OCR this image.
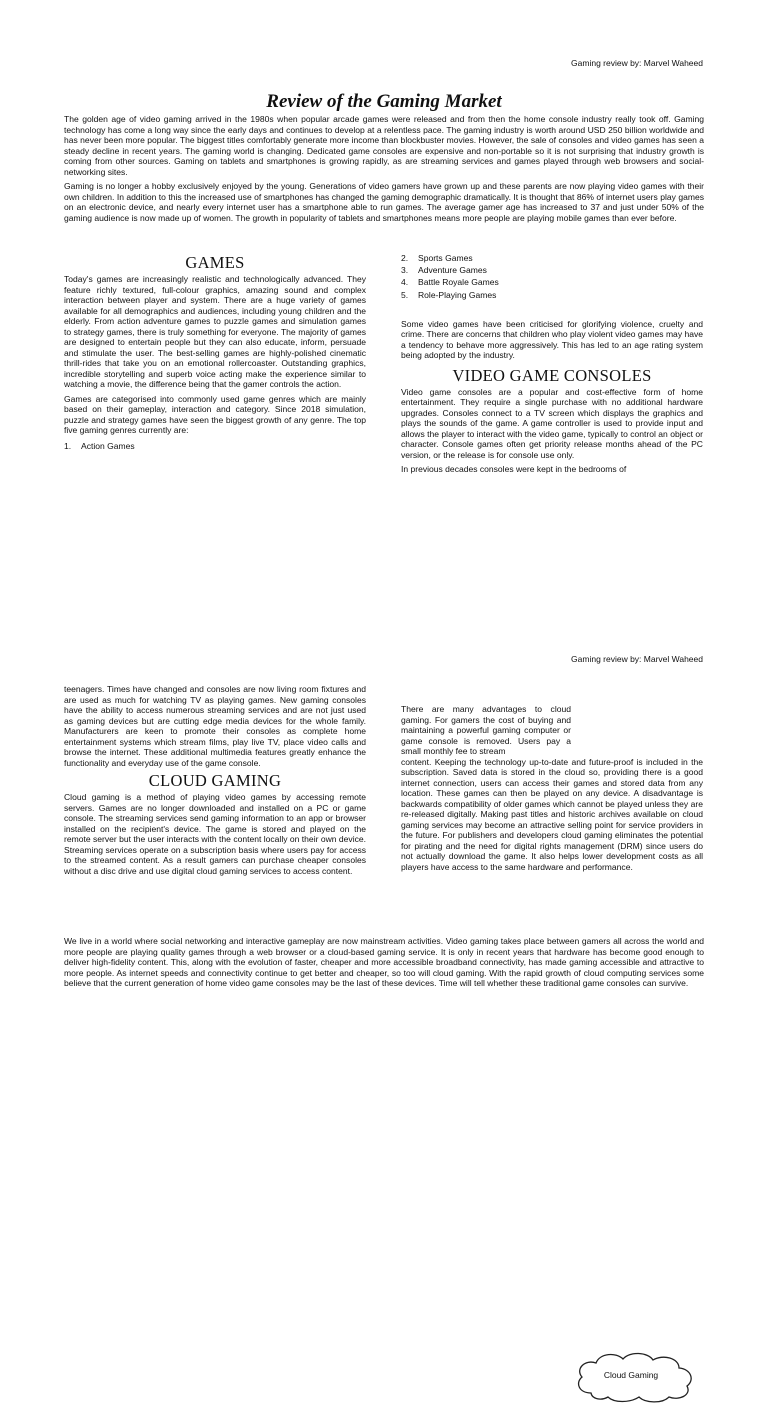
Gaming review by: Marvel Waheed
Review of the Gaming Market

The golden age of video gaming arrived in the 1980s when popular arcade games were released and from then the home console industry really took off. Gaming technology has come a long way since the early days and continues to develop at a relentless pace. The gaming industry is worth around USD 250 billion worldwide and has never been more popular. The biggest titles comfortably generate more income than blockbuster movies. However, the sale of consoles and video games has seen a steady decline in recent years. The gaming world is changing. Dedicated game consoles are expensive and non-portable so it is not surprising that industry growth is coming from other sources. Gaming on tablets and smartphones is growing rapidly, as are streaming services and games played through web browsers and social-networking sites.

Gaming is no longer a hobby exclusively enjoyed by the young. Generations of video gamers have grown up and these parents are now playing video games with their own children. In addition to this the increased use of smartphones has changed the gaming demographic dramatically. It is thought that 86% of internet users play games on an electronic device, and nearly every internet user has a smartphone able to run games. The average gamer age has increased to 37 and just under 50% of the gaming audience is now made up of women. The growth in popularity of tablets and smartphones means more people are playing mobile games than ever before.

GAMES

Today's games are increasingly realistic and technologically advanced. They feature richly textured, full-colour graphics, amazing sound and complex interaction between player and system. There are a huge variety of games available for all demographics and audiences, including young children and the elderly. From action adventure games to puzzle games and simulation games to strategy games, there is truly something for everyone. The majority of games are designed to entertain people but they can also educate, inform, persuade and stimulate the user. The best-selling games are highly-polished cinematic thrill-rides that take you on an emotional rollercoaster. Outstanding graphics, incredible storytelling and superb voice acting make the experience similar to watching a movie, the difference being that the gamer controls the action.

Games are categorised into commonly used game genres which are mainly based on their gameplay, interaction and category. Since 2018 simulation, puzzle and strategy games have seen the biggest growth of any genre. The top five gaming genres currently are:

1.	Action Games
2.	Sports Games
3.	Adventure Games
4.	Battle Royale Games
5.	Role-Playing Games

Some video games have been criticised for glorifying violence, cruelty and crime. There are concerns that children who play violent video games may have a tendency to behave more aggressively. This has led to an age rating system being adopted by the industry.

VIDEO GAME CONSOLES

Video game consoles are a popular and cost-effective form of home entertainment. They require a single purchase with no additional hardware upgrades. Consoles connect to a TV screen which displays the graphics and plays the sounds of the game. A game controller is used to provide input and allows the player to interact with the video game, typically to control an object or character. Console games often get priority release months ahead of the PC version, or the release is for console use only.

In previous decades consoles were kept in the bedrooms of

Gaming review by: Marvel Waheed

teenagers. Times have changed and consoles are now living room fixtures and are used as much for watching TV as playing games. New gaming consoles have the ability to access numerous streaming services and are not just used as gaming devices but are cutting edge media devices for the whole family. Manufacturers are keen to promote their consoles as complete home entertainment systems which stream films, play live TV, place video calls and browse the internet. These additional multimedia features greatly enhance the functionality and everyday use of the game console.

CLOUD GAMING

Cloud gaming is a method of playing video games by accessing remote servers. Games are no longer downloaded and installed on a PC or game console. The streaming services send gaming information to an app or browser installed on the recipient's device. The game is stored and played on the remote server but the user interacts with the content locally on their own device. Streaming services operate on a subscription basis where users pay for access to the streamed content. As a result gamers can purchase cheaper consoles without a disc drive and use digital cloud gaming services to access content.

There are many advantages to cloud gaming. For gamers the cost of buying and maintaining a powerful gaming computer or game console is removed. Users pay a small monthly fee to stream

content. Keeping the technology up-to-date and future-proof is included in the subscription. Saved data is stored in the cloud so, providing there is a good internet connection, users can access their games and stored data from any location. These games can then be played on any device. A disadvantage is backwards compatibility of older games which cannot be played unless they are re-released digitally. Making past titles and historic archives available on cloud gaming services may become an attractive selling point for service providers in the future. For publishers and developers cloud gaming eliminates the potential for pirating and the need for digital rights management (DRM) since users do not actually download the game. It also helps lower development costs as all players have access to the same hardware and performance.

Cloud Gaming

We live in a world where social networking and interactive gameplay are now mainstream activities. Video gaming takes place between gamers all across the world and more people are playing quality games through a web browser or a cloud-based gaming service. It is only in recent years that hardware has become good enough to deliver high-fidelity content. This, along with the evolution of faster, cheaper and more accessible broadband connectivity, has made gaming accessible and attractive to more people. As internet speeds and connectivity continue to get better and cheaper, so too will cloud gaming. With the rapid growth of cloud computing services some believe that the current generation of home video game consoles may be the last of these devices. Time will tell whether these traditional game consoles can survive.
